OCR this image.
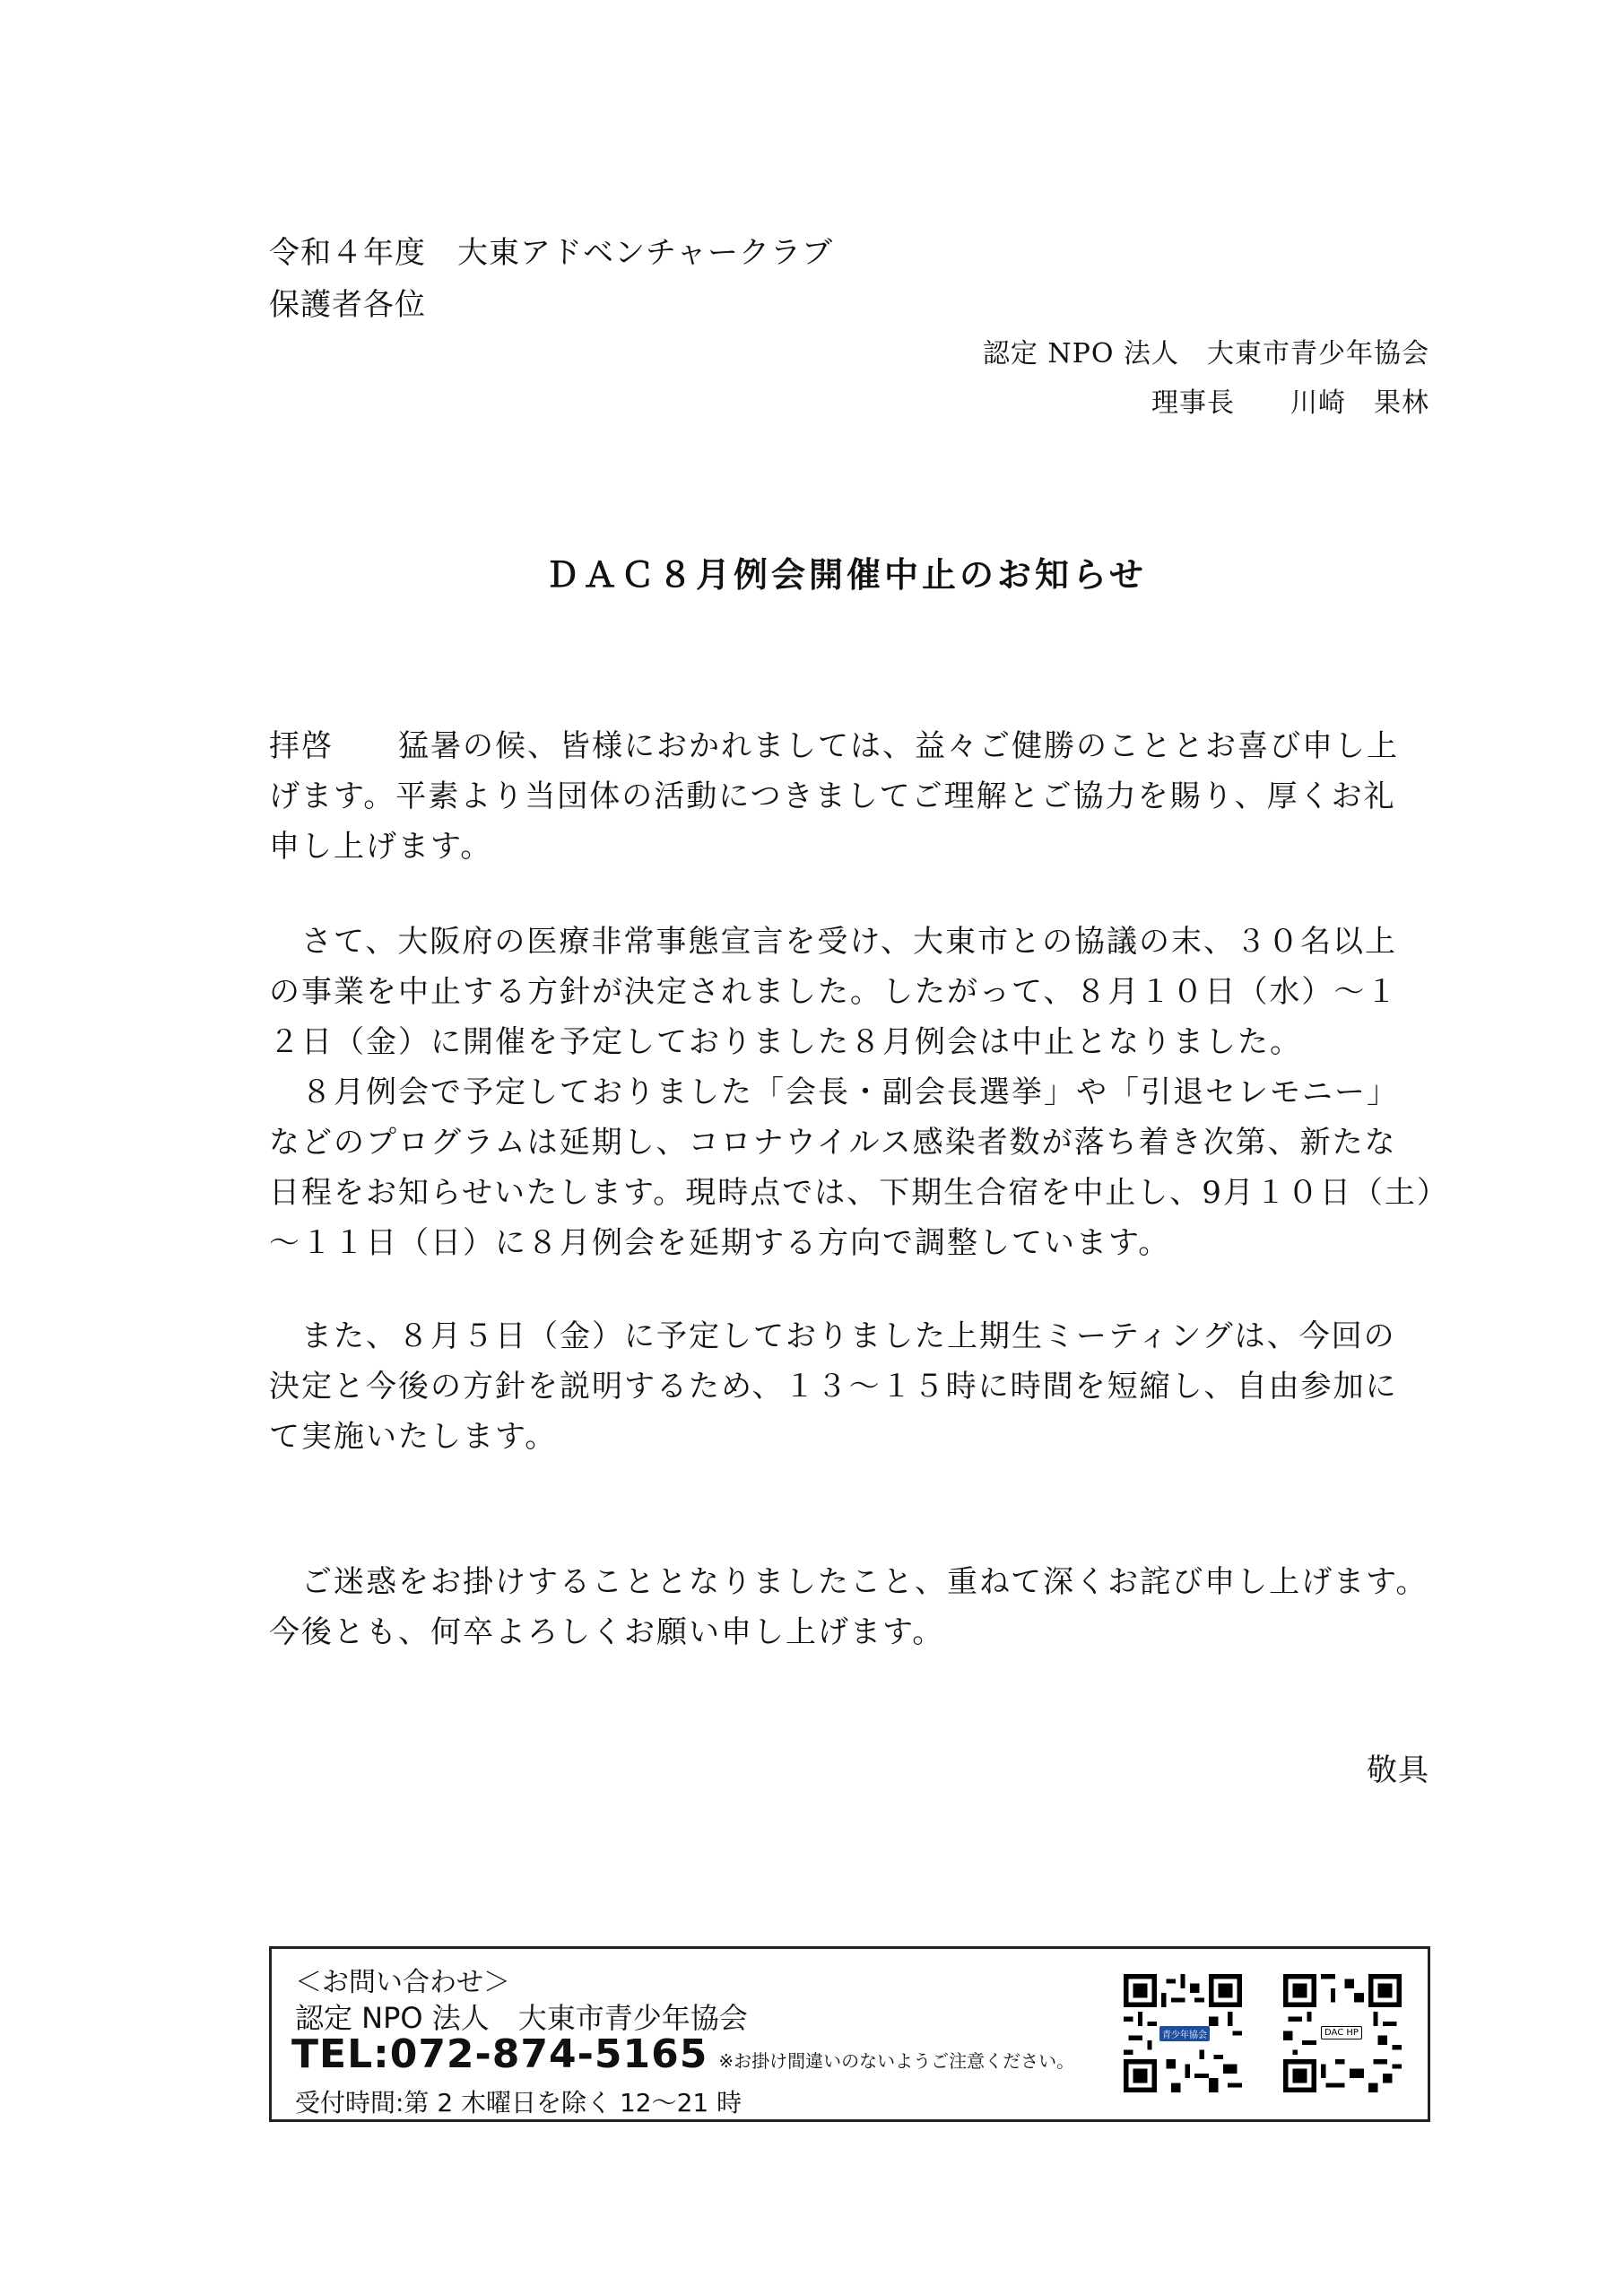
令和４年度　大東アドベンチャークラブ
保護者各位
認定 NPO 法人　大東市青少年協会
理事長　　川崎　果林
ＤＡＣ８月例会開催中止のお知らせ
拝啓　　猛暑の候、皆様におかれましては、益々ご健勝のこととお喜び申し上
げます。平素より当団体の活動につきましてご理解とご協力を賜り、厚くお礼
申し上げます。
　さて、大阪府の医療非常事態宣言を受け、大東市との協議の末、３０名以上
の事業を中止する方針が決定されました。したがって、８月１０日（水）〜１
２日（金）に開催を予定しておりました８月例会は中止となりました。
　８月例会で予定しておりました「会長・副会長選挙」や「引退セレモニー」
などのプログラムは延期し、コロナウイルス感染者数が落ち着き次第、新たな
日程をお知らせいたします。現時点では、下期生合宿を中止し、9月１０日（土）
〜１１日（日）に８月例会を延期する方向で調整しています。
　また、８月５日（金）に予定しておりました上期生ミーティングは、今回の
決定と今後の方針を説明するため、１３〜１５時に時間を短縮し、自由参加に
て実施いたします。
　ご迷惑をお掛けすることとなりましたこと、重ねて深くお詫び申し上げます。
今後とも、何卒よろしくお願い申し上げます。
敬具
＜お問い合わせ＞
認定 NPO 法人　大東市青少年協会
TEL:072-874-5165 ※お掛け間違いのないようご注意ください。
受付時間:第 2 木曜日を除く 12〜21 時
青少年協会	DAC HP
